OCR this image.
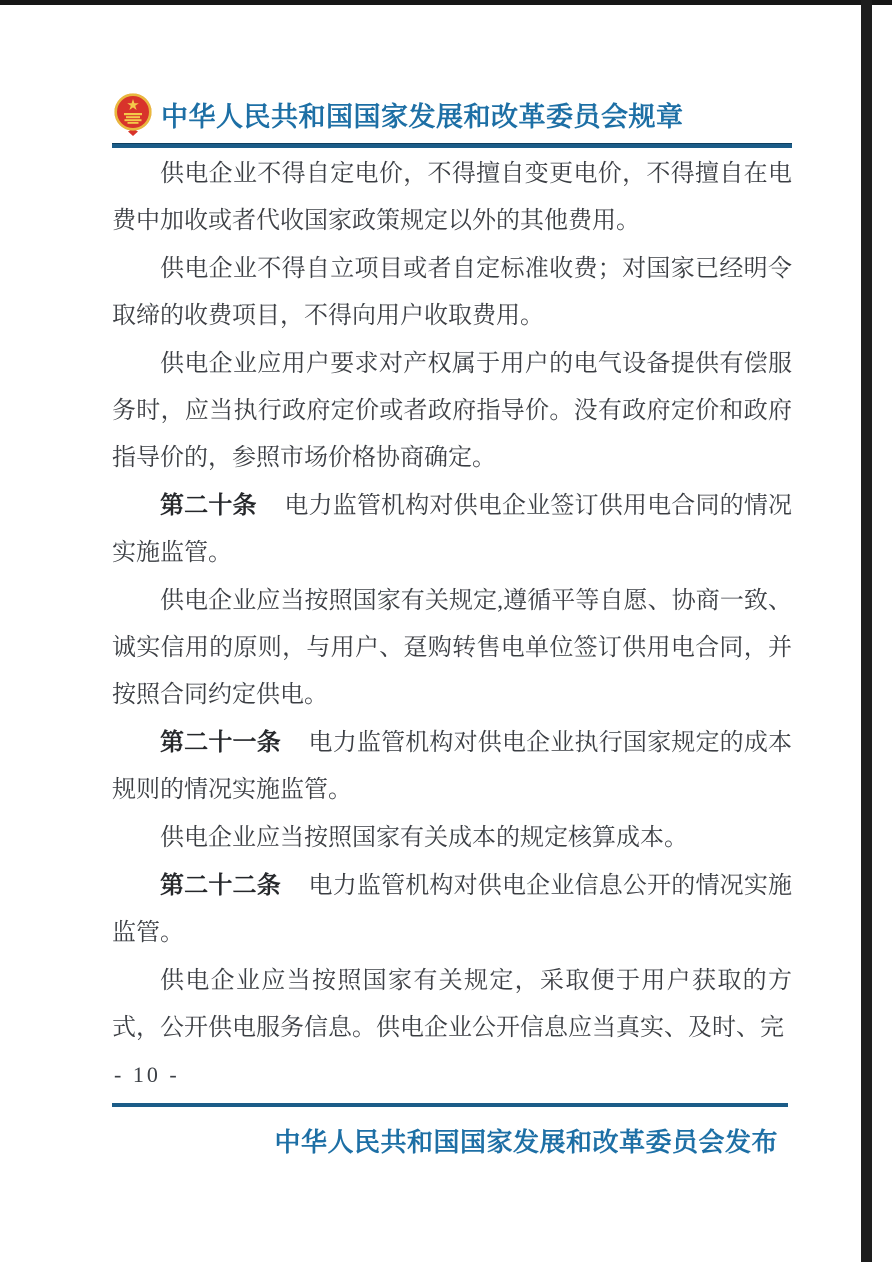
中华人民共和国国家发展和改革委员会规章

供电企业不得自定电价，不得擅自变更电价，不得擅自在电费中加收或者代收国家政策规定以外的其他费用。

供电企业不得自立项目或者自定标准收费；对国家已经明令取缔的收费项目，不得向用户收取费用。

供电企业应用户要求对产权属于用户的电气设备提供有偿服务时，应当执行政府定价或者政府指导价。没有政府定价和政府指导价的，参照市场价格协商确定。

第二十条 电力监管机构对供电企业签订供用电合同的情况实施监管。

供电企业应当按照国家有关规定,遵循平等自愿、协商一致、诚实信用的原则，与用户、趸购转售电单位签订供用电合同，并按照合同约定供电。

第二十一条 电力监管机构对供电企业执行国家规定的成本规则的情况实施监管。

供电企业应当按照国家有关成本的规定核算成本。

第二十二条 电力监管机构对供电企业信息公开的情况实施监管。

供电企业应当按照国家有关规定，采取便于用户获取的方式，公开供电服务信息。供电企业公开信息应当真实、及时、完

- 10 -
中华人民共和国国家发展和改革委员会发布
